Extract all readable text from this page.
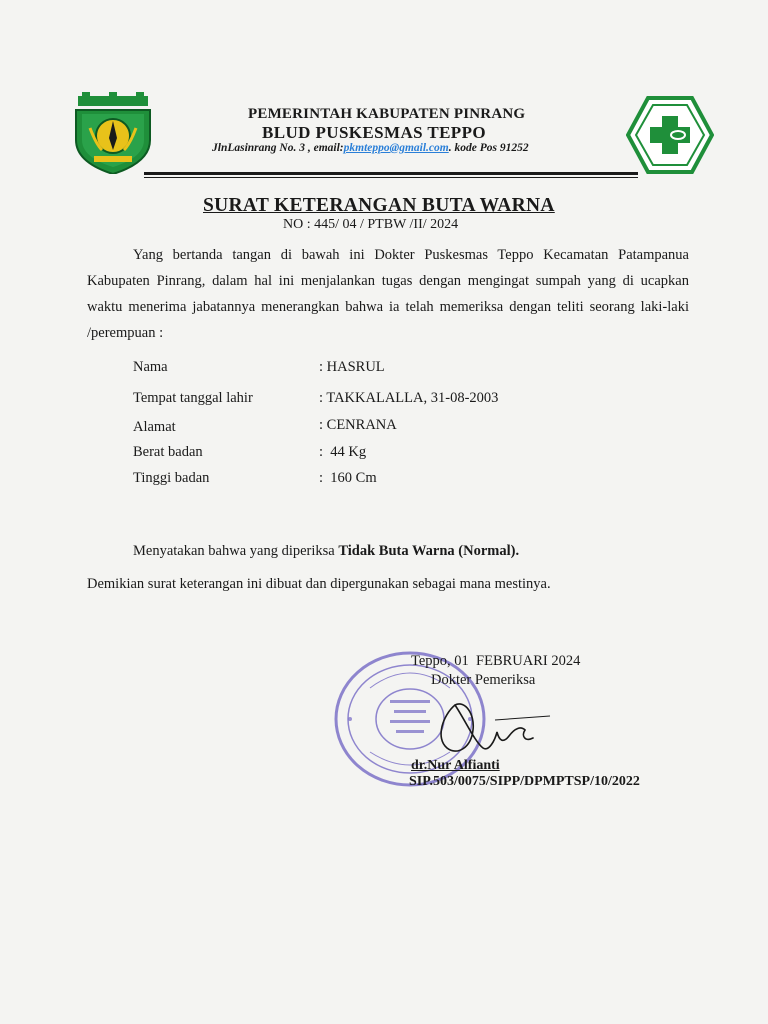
PEMERINTAH KABUPATEN PINRANG
BLUD PUSKESMAS TEPPO
JlnLasinrang No. 3 , email:pkmteppo@gmail.com. kode Pos 91252
SURAT KETERANGAN BUTA WARNA
NO : 445/ 04 / PTBW /II/ 2024
Yang bertanda tangan di bawah ini Dokter Puskesmas Teppo Kecamatan Patampanua Kabupaten Pinrang, dalam hal ini menjalankan tugas dengan mengingat sumpah yang di ucapkan waktu menerima jabatannya menerangkan bahwa ia telah memeriksa dengan teliti seorang laki-laki /perempuan :
Nama	: HASRUL
Tempat tanggal lahir	: TAKKALALLA, 31-08-2003
Alamat	: CENRANA
Berat badan	:  44 Kg
Tinggi badan	:  160 Cm
Menyatakan bahwa yang diperiksa Tidak Buta Warna (Normal).
Demikian surat keterangan ini dibuat dan dipergunakan sebagai mana mestinya.
Teppo, 01  FEBRUARI 2024
Dokter Pemeriksa
dr.Nur Alfianti
SIP.503/0075/SIPP/DPMPTSP/10/2022
